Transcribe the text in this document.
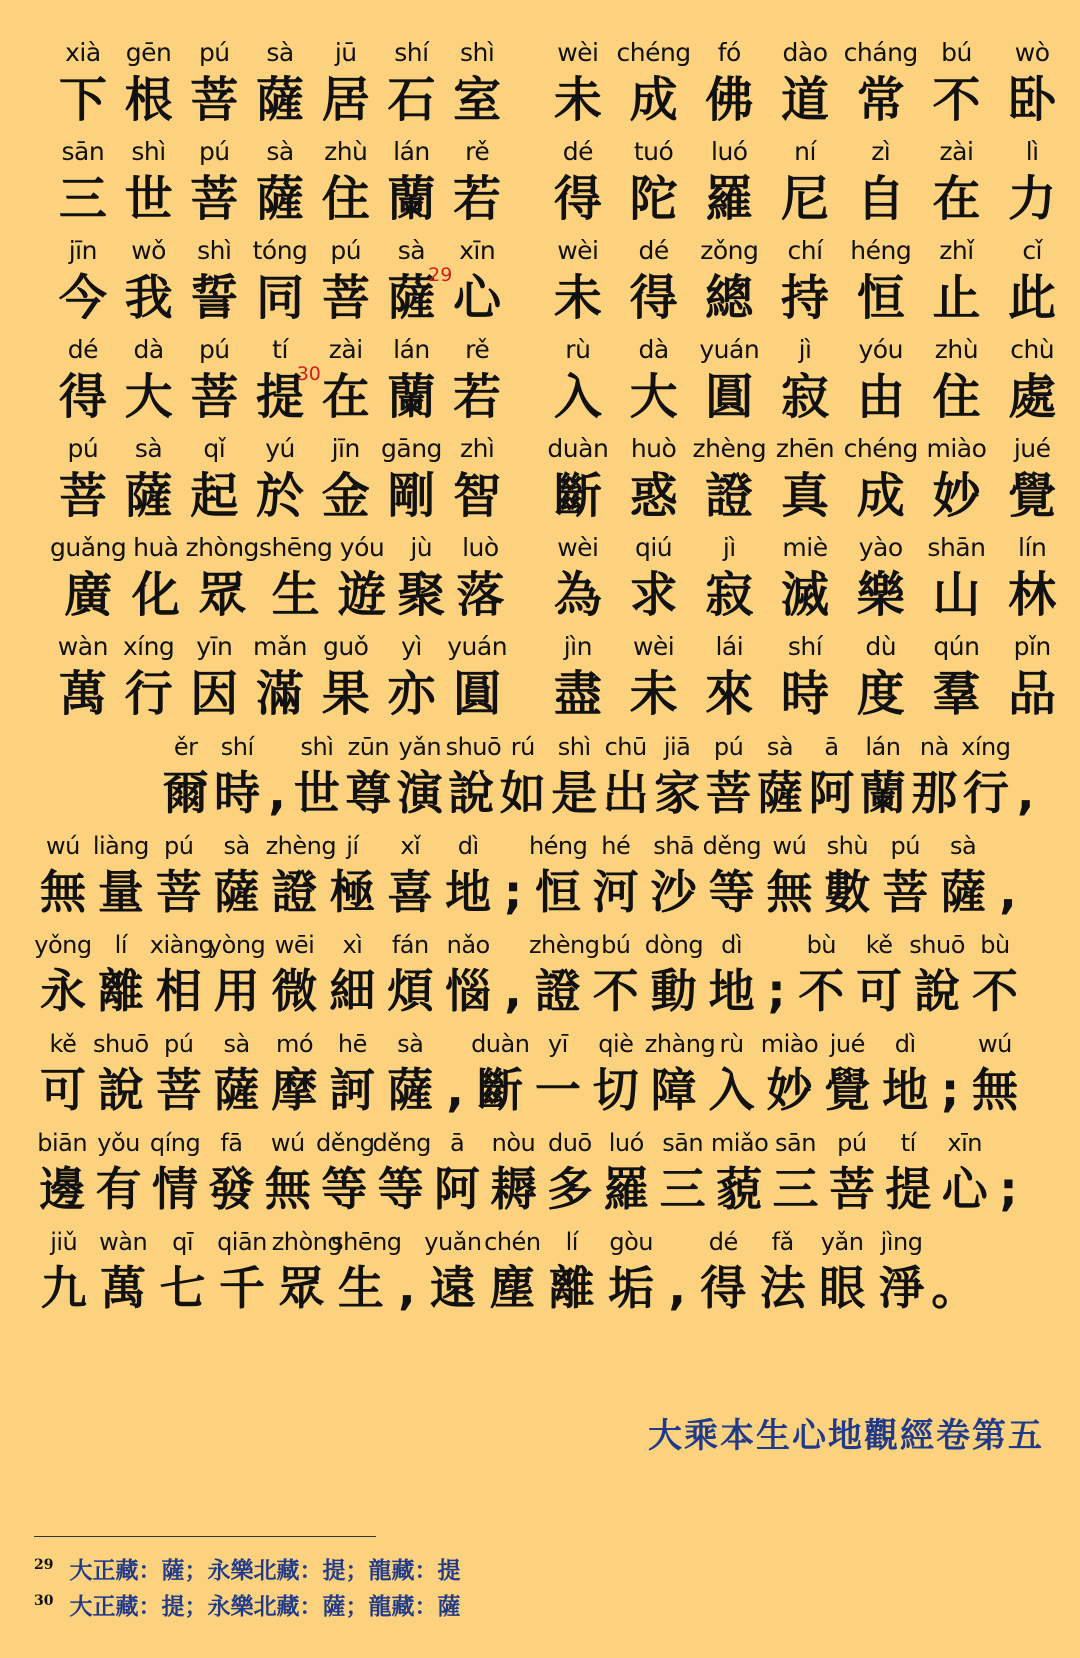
xià
下
gēn
根
pú
菩
sà
薩
jū
居
shí
石
shì
室
wèi
未
chéng
成
fó
佛
dào
道
cháng
常
bú
不
wò
卧
sān
三
shì
世
pú
菩
sà
薩
zhù
住
lán
蘭
rě
若
dé
得
tuó
陀
luó
羅
ní
尼
zì
自
zài
在
lì
力
jīn
今
wǒ
我
shì
誓
tóng
同
pú
菩
sà
薩
29
xīn
心
wèi
未
dé
得
zǒng
總
chí
持
héng
恒
zhǐ
止
cǐ
此
dé
得
dà
大
pú
菩
tí
提
30
zài
在
lán
蘭
rě
若
rù
入
dà
大
yuán
圓
jì
寂
yóu
由
zhù
住
chù
處
pú
菩
sà
薩
qǐ
起
yú
於
jīn
金
gāng
剛
zhì
智
duàn
斷
huò
惑
zhèng
證
zhēn
真
chéng
成
miào
妙
jué
覺
guǎng
廣
huà
化
zhòng
眾
shēng
生
yóu
遊
jù
聚
luò
落
wèi
為
qiú
求
jì
寂
miè
滅
yào
樂
shān
山
lín
林
wàn
萬
xíng
行
yīn
因
mǎn
滿
guǒ
果
yì
亦
yuán
圓
jìn
盡
wèi
未
lái
來
shí
時
dù
度
qún
羣
pǐn
品
ěr
爾
shí
時 ,
shì
世
zūn
尊
yǎn
演
shuō
說
rú
如
shì
是
chū
出
jiā
家
pú
菩
sà
薩
ā
阿
lán
蘭
nà
那
xíng
行 ,
wú
無
liàng
量
pú
菩
sà
薩
zhèng
證
jí
極
xǐ
喜
dì
地 ;
héng
恒
hé
河
shā
沙
děng
等
wú
無
shù
數
pú
菩
sà
薩 ,
yǒng
永
lí
離
xiàng
相
yòng
用
wēi
微
xì
細
fán
煩
nǎo
惱 ,
zhèng
證
bú
不
dòng
動
dì
地 ;
bù
不
kě
可
shuō
說
bù
不
kě
可
shuō
說
pú
菩
sà
薩
mó
摩
hē
訶
sà
薩 ,
duàn
斷
yī
一
qiè
切
zhàng
障
rù
入
miào
妙
jué
覺
dì
地 ;
wú
無
biān
邊
yǒu
有
qíng
情
fā
發
wú
無
děng
等
děng
等
ā
阿
nòu
耨
duō
多
luó
羅
sān
三
miǎo
藐
sān
三
pú
菩
tí
提
xīn
心 ;
jiǔ
九
wàn
萬
qī
七
qiān
千
zhòng
眾
shēng
生 ,
yuǎn
遠
chén
塵
lí
離
gòu
垢 ,
dé
得
fǎ
法
yǎn
眼
jìng
淨 。
大乘本生心地觀經卷第五
$^{29}$ 大正藏：薩；永樂北藏：提；龍藏：提
$^{30}$ 大正藏：提；永樂北藏：薩；龍藏：薩
